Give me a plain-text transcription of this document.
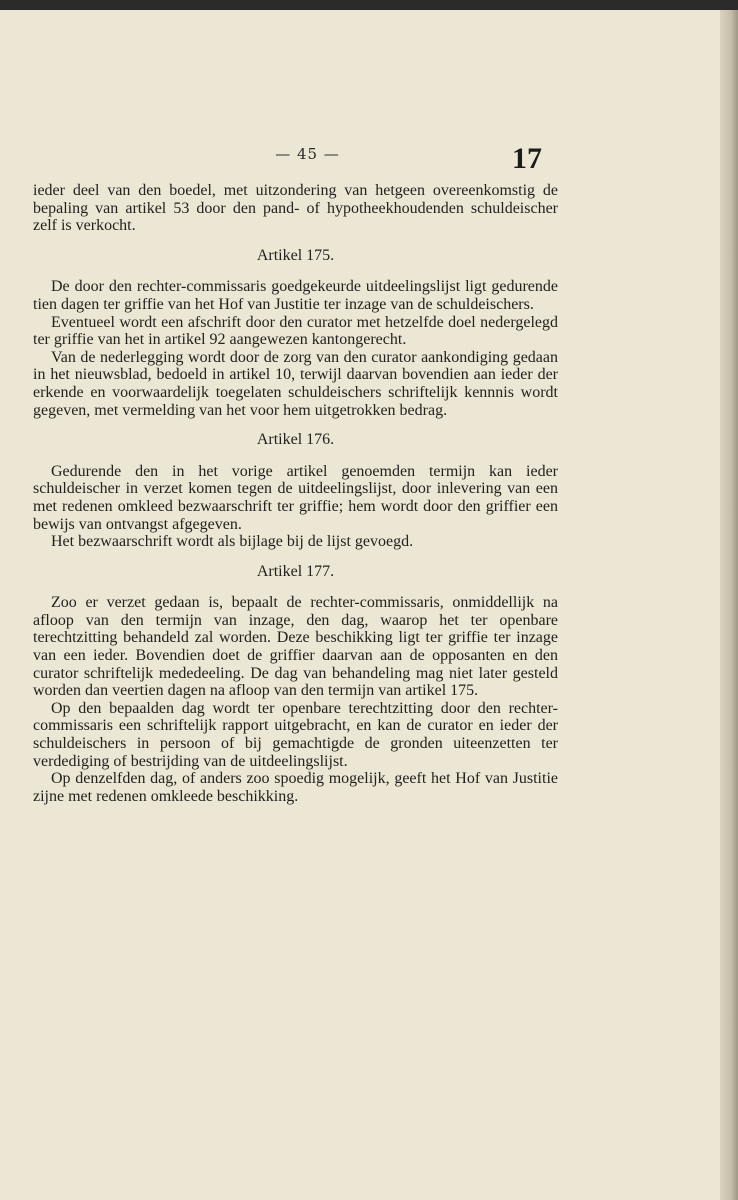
— 45 —	17

ieder deel van den boedel, met uitzondering van hetgeen overeenkomstig de bepaling van artikel 53 door den pand- of hypotheekhoudenden schuldeischer zelf is verkocht.

Artikel 175.

De door den rechter-commissaris goedgekeurde uitdeelingslijst ligt gedurende tien dagen ter griffie van het Hof van Justitie ter inzage van de schuldeischers.

Eventueel wordt een afschrift door den curator met hetzelfde doel nedergelegd ter griffie van het in artikel 92 aangewezen kantongerecht.

Van de nederlegging wordt door de zorg van den curator aankondiging gedaan in het nieuwsblad, bedoeld in artikel 10, terwijl daarvan bovendien aan ieder der erkende en voorwaardelijk toegelaten schuldeischers schriftelijk kennnis wordt gegeven, met vermelding van het voor hem uitgetrokken bedrag.

Artikel 176.

Gedurende den in het vorige artikel genoemden termijn kan ieder schuldeischer in verzet komen tegen de uitdeelingslijst, door inlevering van een met redenen omkleed bezwaarschrift ter griffie; hem wordt door den griffier een bewijs van ontvangst afgegeven.

Het bezwaarschrift wordt als bijlage bij de lijst gevoegd.

Artikel 177.

Zoo er verzet gedaan is, bepaalt de rechter-commissaris, onmiddellijk na afloop van den termijn van inzage, den dag, waarop het ter openbare terechtzitting behandeld zal worden. Deze beschikking ligt ter griffie ter inzage van een ieder. Bovendien doet de griffier daarvan aan de opposanten en den curator schriftelijk mededeeling. De dag van behandeling mag niet later gesteld worden dan veertien dagen na afloop van den termijn van artikel 175.

Op den bepaalden dag wordt ter openbare terechtzitting door den rechter-commissaris een schriftelijk rapport uitgebracht, en kan de curator en ieder der schuldeischers in persoon of bij gemachtigde de gronden uiteenzetten ter verdediging of bestrijding van de uitdeelingslijst.

Op denzelfden dag, of anders zoo spoedig mogelijk, geeft het Hof van Justitie zijne met redenen omkleede beschikking.
